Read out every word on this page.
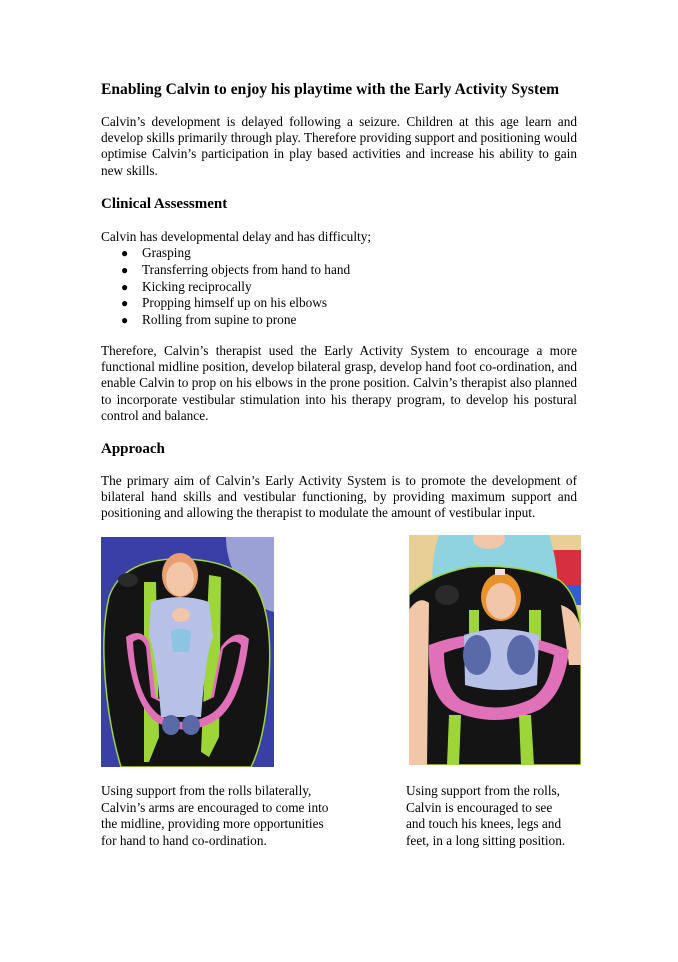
Enabling Calvin to enjoy his playtime with the Early Activity System

Calvin’s development is delayed following a seizure. Children at this age learn and develop skills primarily through play. Therefore providing support and positioning would optimise Calvin’s participation in play based activities and increase his ability to gain new skills.

Clinical Assessment

Calvin has developmental delay and has difficulty;

● Grasping
● Transferring objects from hand to hand
● Kicking reciprocally
● Propping himself up on his elbows
● Rolling from supine to prone

Therefore, Calvin’s therapist used the Early Activity System to encourage a more functional midline position, develop bilateral grasp, develop hand foot co-ordination, and enable Calvin to prop on his elbows in the prone position. Calvin’s therapist also planned to incorporate vestibular stimulation into his therapy program, to develop his postural control and balance.

Approach

The primary aim of Calvin’s Early Activity System is to promote the development of bilateral hand skills and vestibular functioning, by providing maximum support and positioning and allowing the therapist to modulate the amount of vestibular input.

Using support from the rolls bilaterally,
Calvin’s arms are encouraged to come into
the midline, providing more opportunities
for hand to hand co-ordination.
Using support from the rolls,
Calvin is encouraged to see
and touch his knees, legs and
feet, in a long sitting position.
